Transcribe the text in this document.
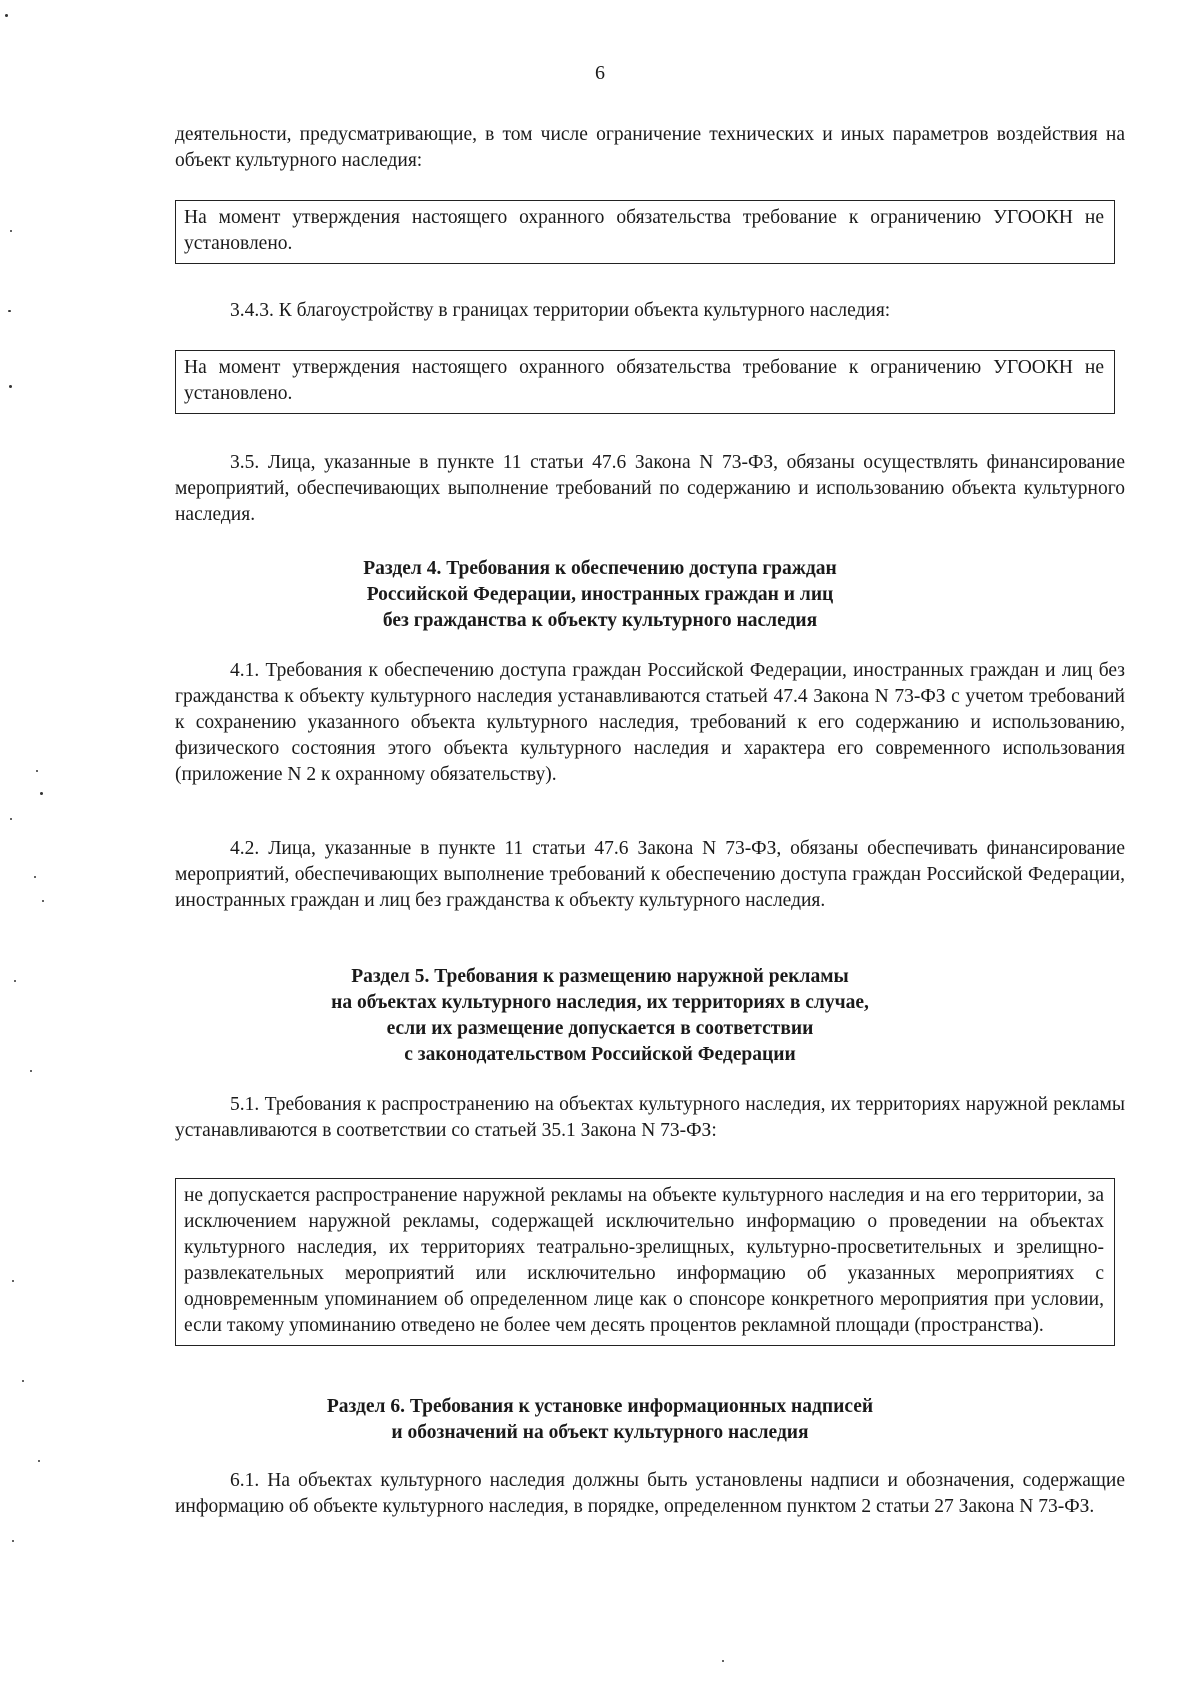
6

деятельности, предусматривающие, в том числе ограничение технических и иных параметров воздействия на объект культурного наследия:

На момент утверждения настоящего охранного обязательства требование к ограничению УГООКН не установлено.

3.4.3. К благоустройству в границах территории объекта культурного наследия:

На момент утверждения настоящего охранного обязательства требование к ограничению УГООКН не установлено.

3.5. Лица, указанные в пункте 11 статьи 47.6 Закона N 73-ФЗ, обязаны осуществлять финансирование мероприятий, обеспечивающих выполнение требований по содержанию и использованию объекта культурного наследия.

Раздел 4. Требования к обеспечению доступа граждан
Российской Федерации, иностранных граждан и лиц
без гражданства к объекту культурного наследия

4.1. Требования к обеспечению доступа граждан Российской Федерации, иностранных граждан и лиц без гражданства к объекту культурного наследия устанавливаются статьей 47.4 Закона N 73-ФЗ с учетом требований к сохранению указанного объекта культурного наследия, требований к его содержанию и использованию, физического состояния этого объекта культурного наследия и характера его современного использования (приложение N 2 к охранному обязательству).

4.2. Лица, указанные в пункте 11 статьи 47.6 Закона N 73-ФЗ, обязаны обеспечивать финансирование мероприятий, обеспечивающих выполнение требований к обеспечению доступа граждан Российской Федерации, иностранных граждан и лиц без гражданства к объекту культурного наследия.

Раздел 5. Требования к размещению наружной рекламы
на объектах культурного наследия, их территориях в случае,
если их размещение допускается в соответствии
с законодательством Российской Федерации

5.1. Требования к распространению на объектах культурного наследия, их территориях наружной рекламы устанавливаются в соответствии со статьей 35.1 Закона N 73-ФЗ:

не допускается распространение наружной рекламы на объекте культурного наследия и на его территории, за исключением наружной рекламы, содержащей исключительно информацию о проведении на объектах культурного наследия, их территориях театрально-зрелищных, культурно-просветительных и зрелищно-развлекательных мероприятий или исключительно информацию об указанных мероприятиях с одновременным упоминанием об определенном лице как о спонсоре конкретного мероприятия при условии, если такому упоминанию отведено не более чем десять процентов рекламной площади (пространства).

Раздел 6. Требования к установке информационных надписей
и обозначений на объект культурного наследия

6.1. На объектах культурного наследия должны быть установлены надписи и обозначения, содержащие информацию об объекте культурного наследия, в порядке, определенном пунктом 2 статьи 27 Закона N 73-ФЗ.
